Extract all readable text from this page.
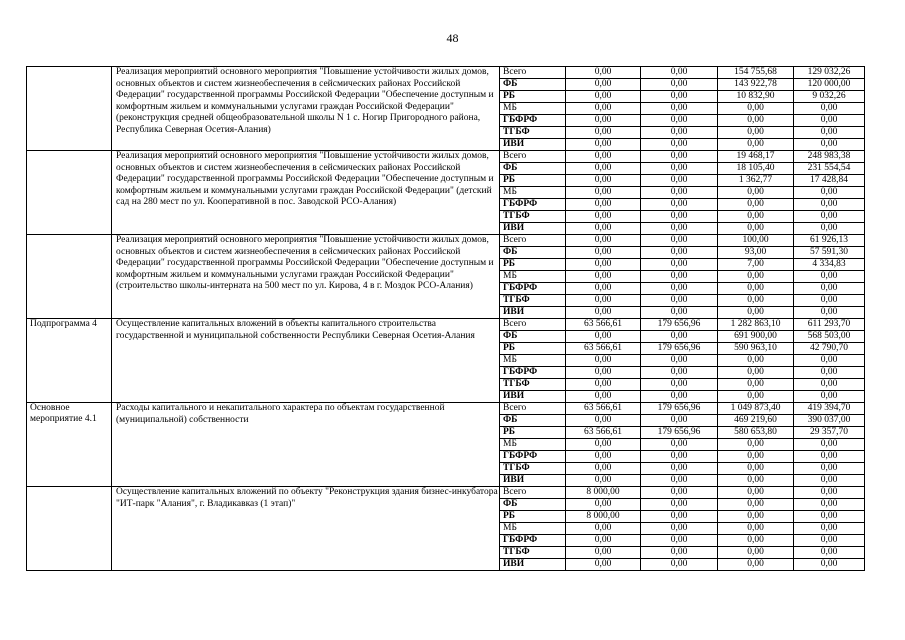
48
	Реализация мероприятий основного мероприятия "Повышение устойчивости жилых домов, основных объектов и систем жизнеобеспечения в сейсмических районах Российской Федерации" государственной программы Российской Федерации "Обеспечение доступным и комфортным жильем и коммунальными услугами граждан Российской Федерации" (реконструкция средней общеобразовательной школы N 1 с. Ногир Пригородного района, Республика Северная Осетия-Алания)	Всего	0,00	0,00	154 755,68	129 032,26
		ФБ	0,00	0,00	143 922,78	120 000,00
		РБ	0,00	0,00	10 832,90	9 032,26
		МБ	0,00	0,00	0,00	0,00
		ГБФРФ	0,00	0,00	0,00	0,00
		ТГБФ	0,00	0,00	0,00	0,00
		ИВИ	0,00	0,00	0,00	0,00
	Реализация мероприятий основного мероприятия "Повышение устойчивости жилых домов, основных объектов и систем жизнеобеспечения в сейсмических районах Российской Федерации" государственной программы Российской Федерации "Обеспечение доступным и комфортным жильем и коммунальными услугами граждан Российской Федерации" (детский сад на 280 мест по ул. Кооперативной в пос. Заводской РСО-Алания)	Всего	0,00	0,00	19 468,17	248 983,38
		ФБ	0,00	0,00	18 105,40	231 554,54
		РБ	0,00	0,00	1 362,77	17 428,84
		МБ	0,00	0,00	0,00	0,00
		ГБФРФ	0,00	0,00	0,00	0,00
		ТГБФ	0,00	0,00	0,00	0,00
		ИВИ	0,00	0,00	0,00	0,00
	Реализация мероприятий основного мероприятия "Повышение устойчивости жилых домов, основных объектов и систем жизнеобеспечения в сейсмических районах Российской Федерации" государственной программы Российской Федерации "Обеспечение доступным и комфортным жильем и коммунальными услугами граждан Российской Федерации" (строительство школы-интерната на 500 мест по ул. Кирова, 4 в г. Моздок РСО-Алания)	Всего	0,00	0,00	100,00	61 926,13
		ФБ	0,00	0,00	93,00	57 591,30
		РБ	0,00	0,00	7,00	4 334,83
		МБ	0,00	0,00	0,00	0,00
		ГБФРФ	0,00	0,00	0,00	0,00
		ТГБФ	0,00	0,00	0,00	0,00
		ИВИ	0,00	0,00	0,00	0,00
Подпрограмма 4	Осуществление капитальных вложений в объекты капитального строительства государственной и муниципальной собственности Республики Северная Осетия-Алания	Всего	63 566,61	179 656,96	1 282 863,10	611 293,70
		ФБ	0,00	0,00	691 900,00	568 503,00
		РБ	63 566,61	179 656,96	590 963,10	42 790,70
		МБ	0,00	0,00	0,00	0,00
		ГБФРФ	0,00	0,00	0,00	0,00
		ТГБФ	0,00	0,00	0,00	0,00
		ИВИ	0,00	0,00	0,00	0,00
Основное мероприятие 4.1	Расходы капитального и некапитального характера по объектам государственной (муниципальной) собственности	Всего	63 566,61	179 656,96	1 049 873,40	419 394,70
		ФБ	0,00	0,00	469 219,60	390 037,00
		РБ	63 566,61	179 656,96	580 653,80	29 357,70
		МБ	0,00	0,00	0,00	0,00
		ГБФРФ	0,00	0,00	0,00	0,00
		ТГБФ	0,00	0,00	0,00	0,00
		ИВИ	0,00	0,00	0,00	0,00
	Осуществление капитальных вложений по объекту "Реконструкция здания бизнес-инкубатора "ИТ-парк "Алания", г. Владикавказ (1 этап)"	Всего	8 000,00	0,00	0,00	0,00
		ФБ	0,00	0,00	0,00	0,00
		РБ	8 000,00	0,00	0,00	0,00
		МБ	0,00	0,00	0,00	0,00
		ГБФРФ	0,00	0,00	0,00	0,00
		ТГБФ	0,00	0,00	0,00	0,00
		ИВИ	0,00	0,00	0,00	0,00
